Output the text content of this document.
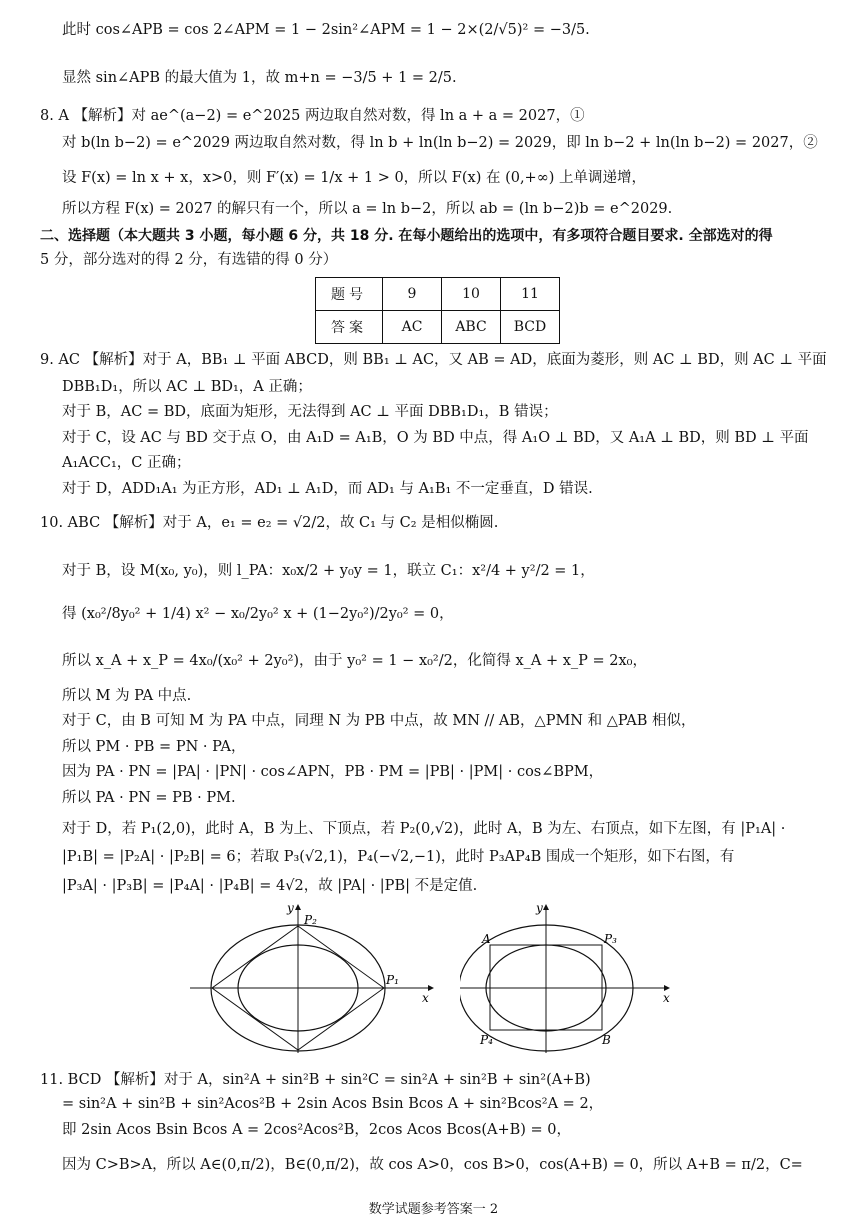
此时 cos∠APB = cos 2∠APM = 1 − 2sin²∠APM = 1 − 2×(2/√5)² = −3/5.
显然 sin∠APB 的最大值为 1，故 m+n = −3/5 + 1 = 2/5.
8. A 【解析】对 ae^(a−2) = e^2025 两边取自然对数，得 ln a + a = 2027，①
对 b(ln b−2) = e^2029 两边取自然对数，得 ln b + ln(ln b−2) = 2029，即 ln b−2 + ln(ln b−2) = 2027，②
设 F(x) = ln x + x，x>0，则 F′(x) = 1/x + 1 > 0，所以 F(x) 在 (0,+∞) 上单调递增，
所以方程 F(x) = 2027 的解只有一个，所以 a = ln b−2，所以 ab = (ln b−2)b = e^2029.
二、选择题（本大题共 3 小题，每小题 6 分，共 18 分. 在每小题给出的选项中，有多项符合题目要求. 全部选对的得
5 分，部分选对的得 2 分，有选错的得 0 分）
题号	9	10	11
答案	AC	ABC	BCD
9. AC 【解析】对于 A，BB₁ ⊥ 平面 ABCD，则 BB₁ ⊥ AC，又 AB = AD，底面为菱形，则 AC ⊥ BD，则 AC ⊥ 平面
DBB₁D₁，所以 AC ⊥ BD₁，A 正确；
对于 B，AC = BD，底面为矩形，无法得到 AC ⊥ 平面 DBB₁D₁，B 错误；
对于 C，设 AC 与 BD 交于点 O，由 A₁D = A₁B，O 为 BD 中点，得 A₁O ⊥ BD，又 A₁A ⊥ BD，则 BD ⊥ 平面
A₁ACC₁，C 正确；
对于 D，ADD₁A₁ 为正方形，AD₁ ⊥ A₁D，而 AD₁ 与 A₁B₁ 不一定垂直，D 错误.
10. ABC 【解析】对于 A，e₁ = e₂ = √2/2，故 C₁ 与 C₂ 是相似椭圆.
对于 B，设 M(x₀, y₀)，则 l_PA：x₀x/2 + y₀y = 1，联立 C₁：x²/4 + y²/2 = 1，
得 (x₀²/8y₀² + 1/4) x² − x₀/2y₀² x + (1−2y₀²)/2y₀² = 0，
所以 x_A + x_P = 4x₀/(x₀² + 2y₀²)，由于 y₀² = 1 − x₀²/2，化简得 x_A + x_P = 2x₀，
所以 M 为 PA 中点.
对于 C，由 B 可知 M 为 PA 中点，同理 N 为 PB 中点，故 MN // AB，△PMN 和 △PAB 相似，
所以 PM · PB = PN · PA，
因为 PA · PN = |PA| · |PN| · cos∠APN，PB · PM = |PB| · |PM| · cos∠BPM，
所以 PA · PN = PB · PM.
对于 D，若 P₁(2,0)，此时 A，B 为上、下顶点，若 P₂(0,√2)，此时 A，B 为左、右顶点，如下左图，有 |P₁A| ·
|P₁B| = |P₂A| · |P₂B| = 6；若取 P₃(√2,1)，P₄(−√2,−1)，此时 P₃AP₄B 围成一个矩形，如下右图，有
|P₃A| · |P₃B| = |P₄A| · |P₄B| = 4√2，故 |PA| · |PB| 不是定值.
y
x
P₂
P₁
y
x
A	P₃
P₄	B
11. BCD 【解析】对于 A，sin²A + sin²B + sin²C = sin²A + sin²B + sin²(A+B)
= sin²A + sin²B + sin²Acos²B + 2sin Acos Bsin Bcos A + sin²Bcos²A = 2，
即 2sin Acos Bsin Bcos A = 2cos²Acos²B，2cos Acos Bcos(A+B) = 0，
因为 C>B>A，所以 A∈(0,π/2)，B∈(0,π/2)，故 cos A>0，cos B>0，cos(A+B) = 0，所以 A+B = π/2，C=
数学试题参考答案一 2
